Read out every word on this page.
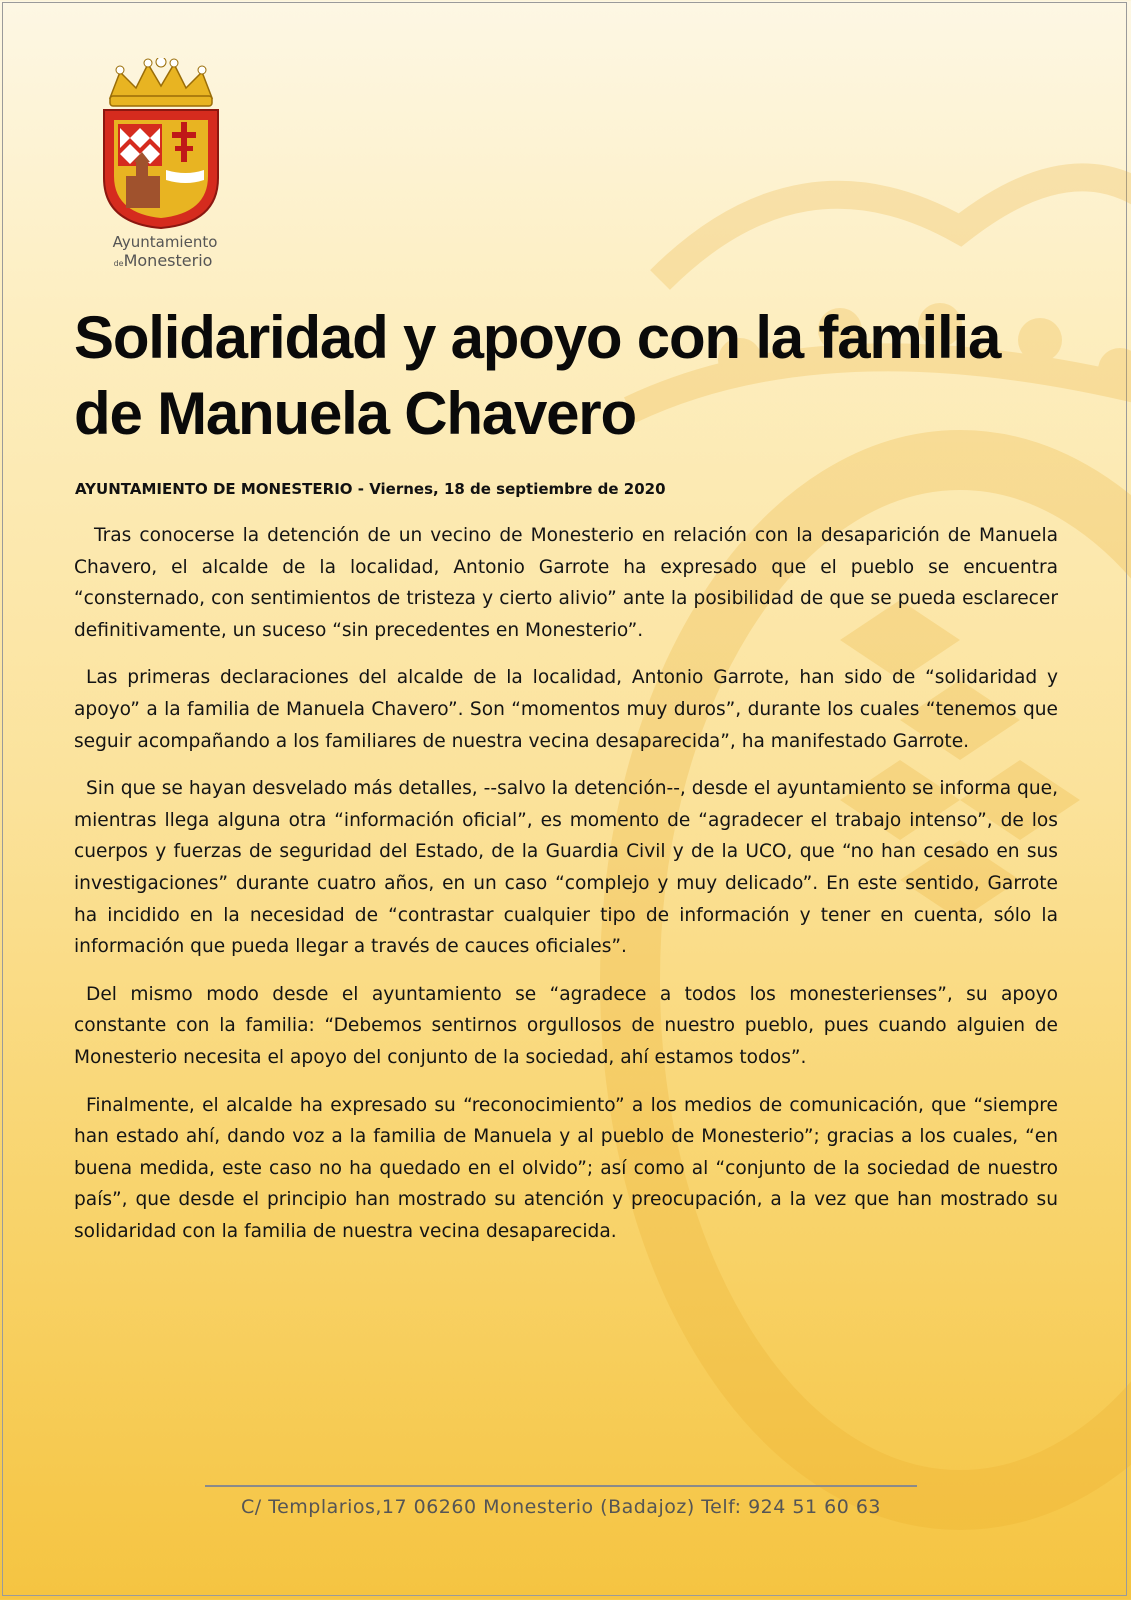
Ayuntamiento
deMonesterio
Solidaridad y apoyo con la familia de Manuela Chavero
AYUNTAMIENTO DE MONESTERIO - Viernes, 18 de septiembre de 2020

Tras conocerse la detención de un vecino de Monesterio en relación con la desaparición de Manuela Chavero, el alcalde de la localidad, Antonio Garrote ha expresado que el pueblo se encuentra “consternado, con sentimientos de tristeza y cierto alivio” ante la posibilidad de que se pueda esclarecer definitivamente, un suceso “sin precedentes en Monesterio”.

Las primeras declaraciones del alcalde de la localidad, Antonio Garrote, han sido de “solidaridad y apoyo” a la familia de Manuela Chavero”. Son “momentos muy duros”, durante los cuales “tenemos que seguir acompañando a los familiares de nuestra vecina desaparecida”, ha manifestado Garrote.

Sin que se hayan desvelado más detalles, --salvo la detención--, desde el ayuntamiento se informa que, mientras llega alguna otra “información oficial”, es momento de “agradecer el trabajo intenso”, de los cuerpos y fuerzas de seguridad del Estado, de la Guardia Civil y de la UCO, que “no han cesado en sus investigaciones” durante cuatro años, en un caso “complejo y muy delicado”. En este sentido, Garrote ha incidido en la necesidad de “contrastar cualquier tipo de información y tener en cuenta, sólo la información que pueda llegar a través de cauces oficiales”.

Del mismo modo desde el ayuntamiento se “agradece a todos los monesterienses”, su apoyo constante con la familia: “Debemos sentirnos orgullosos de nuestro pueblo, pues cuando alguien de Monesterio necesita el apoyo del conjunto de la sociedad, ahí estamos todos”.

Finalmente, el alcalde ha expresado su “reconocimiento” a los medios de comunicación, que “siempre han estado ahí, dando voz a la familia de Manuela y al pueblo de Monesterio”; gracias a los cuales, “en buena medida, este caso no ha quedado en el olvido”; así como al “conjunto de la sociedad de nuestro país”, que desde el principio han mostrado su atención y preocupación, a la vez que han mostrado su solidaridad con la familia de nuestra vecina desaparecida.

C/ Templarios,17 06260 Monesterio (Badajoz) Telf: 924 51 60 63
